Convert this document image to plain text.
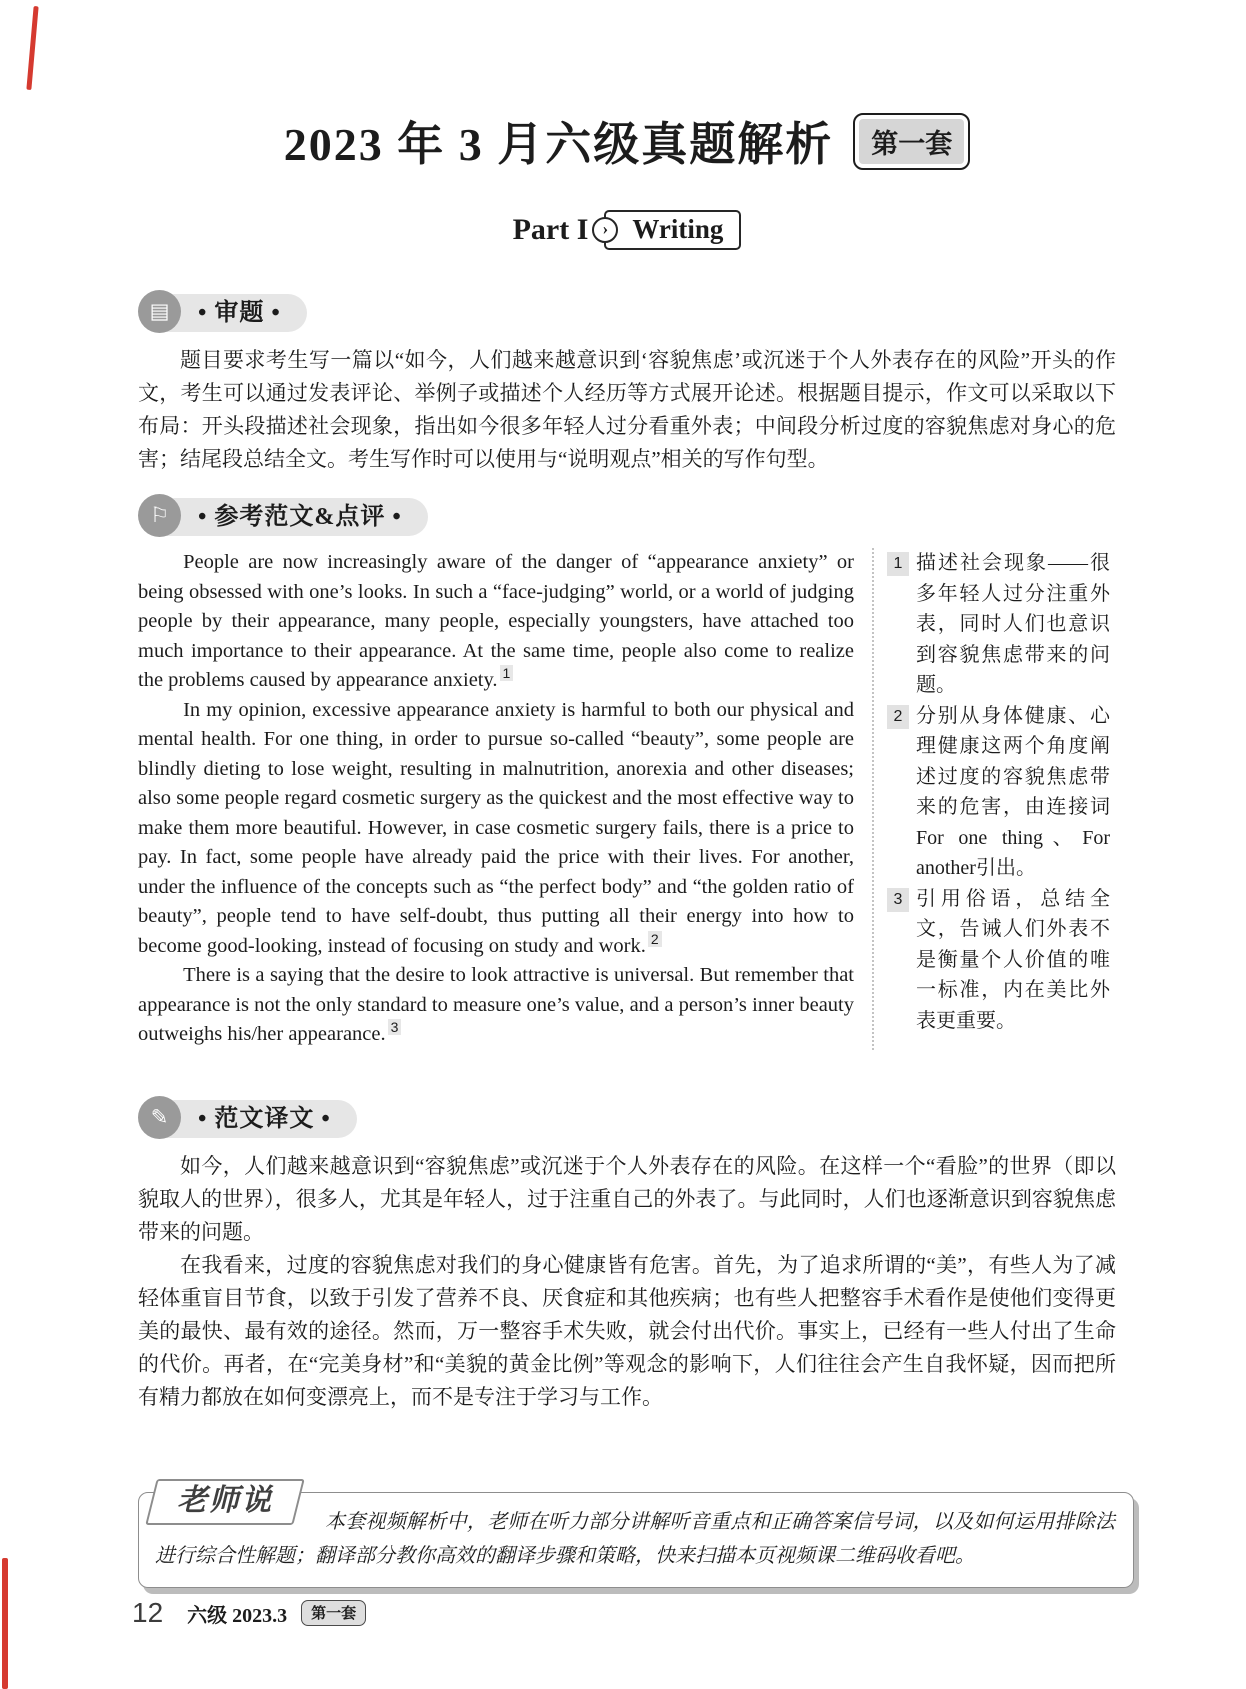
2023 年 3 月六级真题解析	第一套
Part I › Writing
▤	• 审题 •

题目要求考生写一篇以“如今，人们越来越意识到‘容貌焦虑’或沉迷于个人外表存在的风险”开头的作文，考生可以通过发表评论、举例子或描述个人经历等方式展开论述。根据题目提示，作文可以采取以下布局：开头段描述社会现象，指出如今很多年轻人过分看重外表；中间段分析过度的容貌焦虑对身心的危害；结尾段总结全文。考生写作时可以使用与“说明观点”相关的写作句型。

⚐	• 参考范文&点评 •

People are now increasingly aware of the danger of “appearance anxiety” or being obsessed with one’s looks. In such a “face-judging” world, or a world of judging people by their appearance, many people, especially youngsters, have attached too much importance to their appearance. At the same time, people also come to realize the problems caused by appearance anxiety. $^1$

In my opinion, excessive appearance anxiety is harmful to both our physical and mental health. For one thing, in order to pursue so-called “beauty”, some people are blindly dieting to lose weight, resulting in malnutrition, anorexia and other diseases; also some people regard cosmetic surgery as the quickest and the most effective way to make them more beautiful. However, in case cosmetic surgery fails, there is a price to pay. In fact, some people have already paid the price with their lives. For another, under the influence of the concepts such as “the perfect body” and “the golden ratio of beauty”, people tend to have self-doubt, thus putting all their energy into how to become good-looking, instead of focusing on study and work. $^2$

There is a saying that the desire to look attractive is universal. But remember that appearance is not the only standard to measure one’s value, and a person’s inner beauty outweighs his/her appearance. $^3$

1 描述社会现象——很多年轻人过分注重外表，同时人们也意识到容貌焦虑带来的问题。
2 分别从身体健康、心理健康这两个角度阐述过度的容貌焦虑带来的危害，由连接词For one thing、For another引出。
3 引用俗语，总结全文，告诫人们外表不是衡量个人价值的唯一标准，内在美比外表更重要。
✎	• 范文译文 •

如今，人们越来越意识到“容貌焦虑”或沉迷于个人外表存在的风险。在这样一个“看脸”的世界（即以貌取人的世界），很多人，尤其是年轻人，过于注重自己的外表了。与此同时，人们也逐渐意识到容貌焦虑带来的问题。

在我看来，过度的容貌焦虑对我们的身心健康皆有危害。首先，为了追求所谓的“美”，有些人为了减轻体重盲目节食，以致于引发了营养不良、厌食症和其他疾病；也有些人把整容手术看作是使他们变得更美的最快、最有效的途径。然而，万一整容手术失败，就会付出代价。事实上，已经有一些人付出了生命的代价。再者，在“完美身材”和“美貌的黄金比例”等观念的影响下，人们往往会产生自我怀疑，因而把所有精力都放在如何变漂亮上，而不是专注于学习与工作。

老师说

本套视频解析中，老师在听力部分讲解听音重点和正确答案信号词，以及如何运用排除法进行综合性解题；翻译部分教你高效的翻译步骤和策略，快来扫描本页视频课二维码收看吧。

12 六级 2023.3	第一套
